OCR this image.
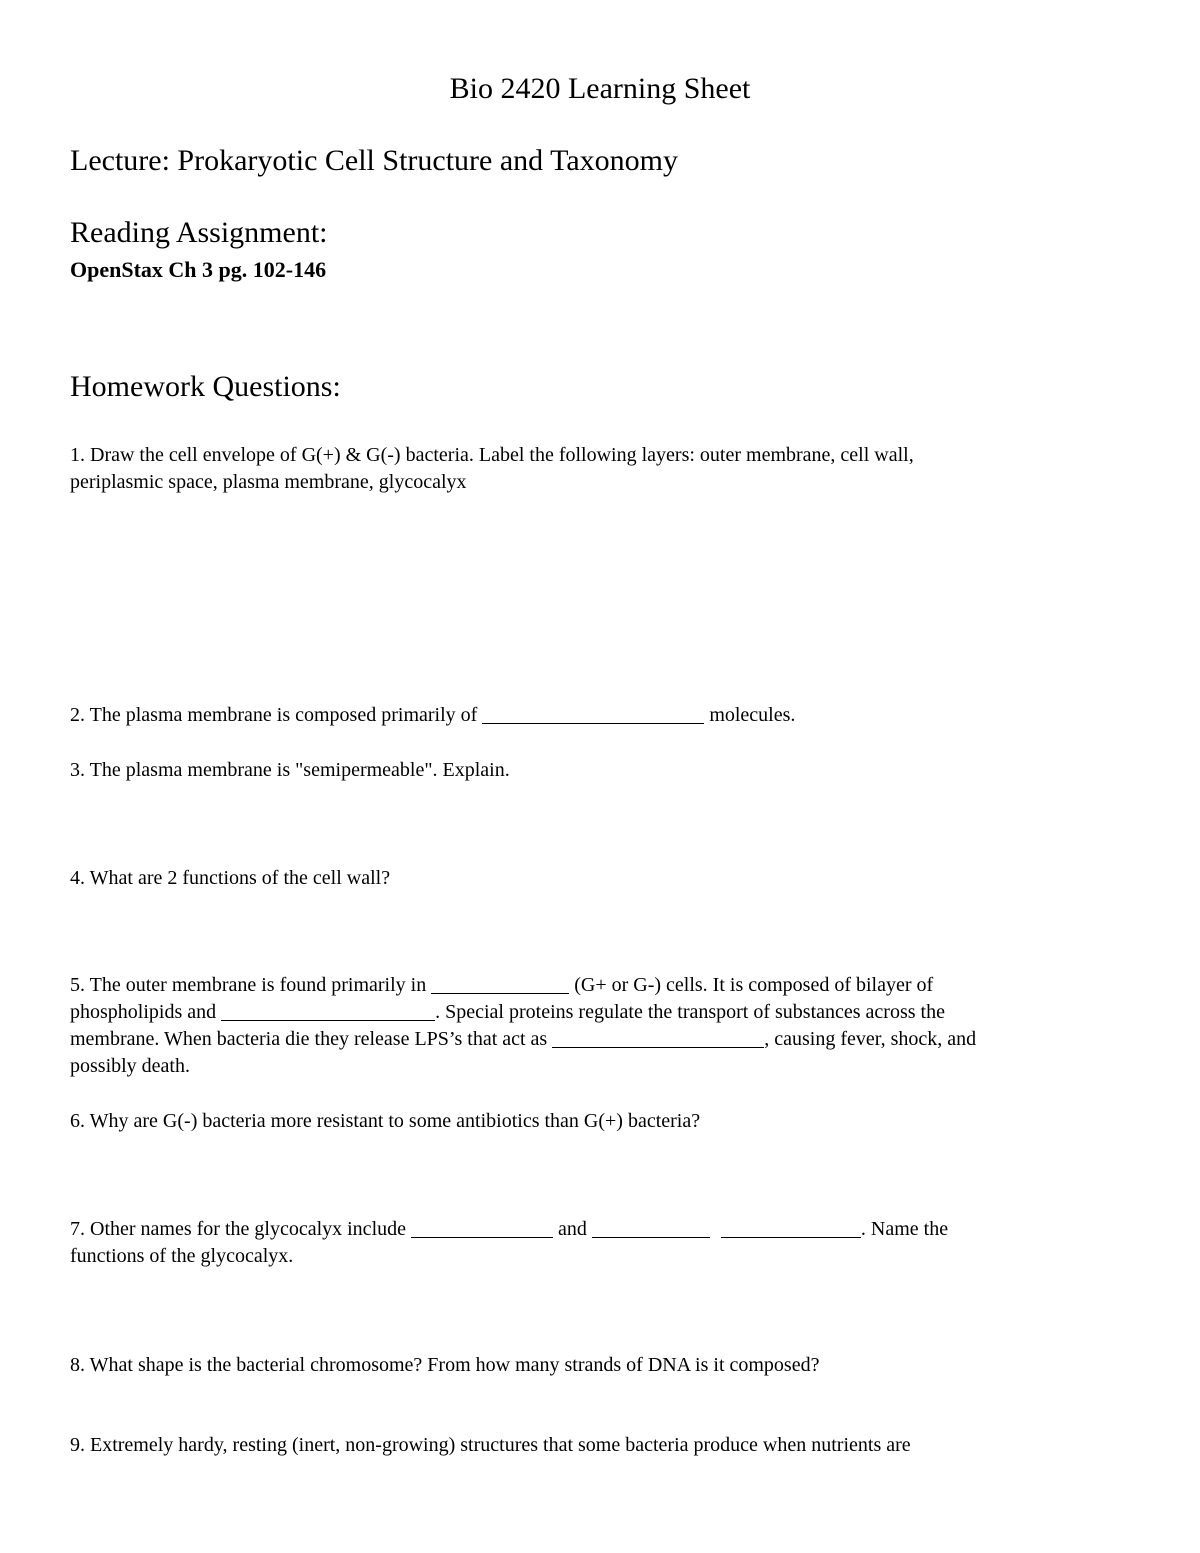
Bio 2420 Learning Sheet
Lecture: Prokaryotic Cell Structure and Taxonomy
Reading Assignment:
OpenStax Ch 3 pg. 102-146
Homework Questions:
1. Draw the cell envelope of G(+) & G(-) bacteria. Label the following layers: outer membrane, cell wall,
periplasmic space, plasma membrane, glycocalyx
2. The plasma membrane is composed primarily of	molecules.
3. The plasma membrane is "semipermeable". Explain.
4. What are 2 functions of the cell wall?
5. The outer membrane is found primarily in	(G+ or G-) cells. It is composed of bilayer of
phospholipids and	. Special proteins regulate the transport of substances across the
membrane. When bacteria die they release LPS’s that act as	, causing fever, shock, and
possibly death.
6. Why are G(-) bacteria more resistant to some antibiotics than G(+) bacteria?
7. Other names for the glycocalyx include	and	. Name the
functions of the glycocalyx.
8. What shape is the bacterial chromosome? From how many strands of DNA is it composed?
9. Extremely hardy, resting (inert, non-growing) structures that some bacteria produce when nutrients are
